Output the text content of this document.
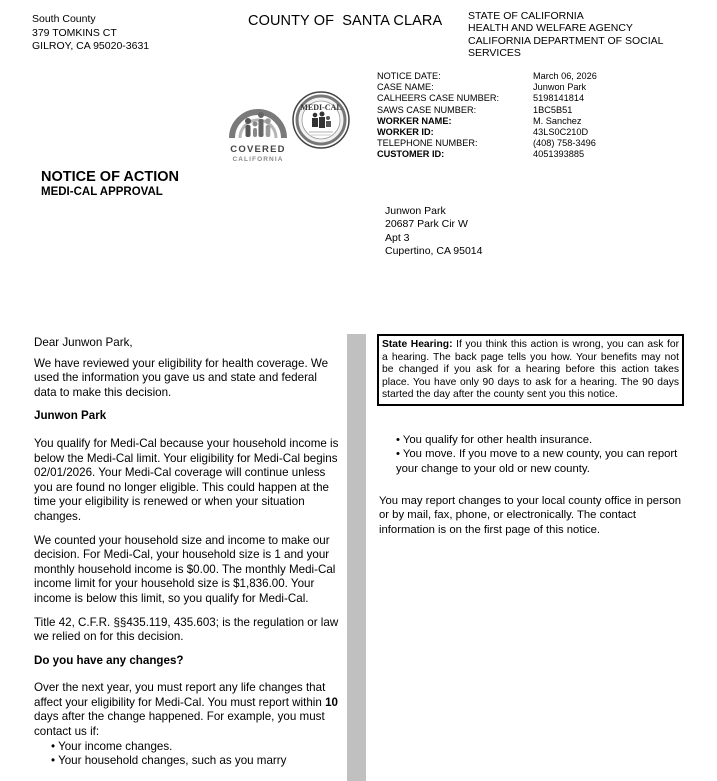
South County
379 TOMKINS CT
GILROY, CA 95020-3631
COUNTY OF  SANTA CLARA STATE OF CALIFORNIA
HEALTH AND WELFARE AGENCY
CALIFORNIA DEPARTMENT OF SOCIAL
SERVICES
NOTICE DATE:	March 06, 2026
CASE NAME:	Junwon Park
CALHEERS CASE NUMBER:	5198141814
SAWS CASE NUMBER:	1BC5B51
WORKER NAME:	M. Sanchez
WORKER ID:	43LS0C210D
TELEPHONE NUMBER:	(408) 758-3496
CUSTOMER ID:	4051393885
COVERED
CALIFORNIA
MEDI-CAL
NOTICE OF ACTION
MEDI-CAL APPROVAL
Junwon Park
20687 Park Cir W
Apt 3
Cupertino, CA 95014

Dear Junwon Park,

We have reviewed your eligibility for health coverage. We used the information you gave us and state and federal data to make this decision.

Junwon Park

You qualify for Medi-Cal because your household income is below the Medi-Cal limit. Your eligibility for Medi-Cal begins 02/01/2026. Your Medi-Cal coverage will continue unless you are found no longer eligible. This could happen at the time your eligibility is renewed or when your situation changes.

We counted your household size and income to make our decision. For Medi-Cal, your household size is 1 and your monthly household income is $0.00. The monthly Medi-Cal income limit for your household size is $1,836.00. Your income is below this limit, so you qualify for Medi-Cal.

Title 42, C.F.R. §§435.119, 435.603; is the regulation or law we relied on for this decision.

Do you have any changes?

Over the next year, you must report any life changes that affect your eligibility for Medi-Cal. You must report within 10 days after the change happened. For example, you must contact us if:

• Your income changes.

• Your household changes, such as you marry

State Hearing: If you think this action is wrong, you can ask for a hearing. The back page tells you how. Your benefits may not be changed if you ask for a hearing before this action takes place. You have only 90 days to ask for a hearing. The 90 days started the day after the county sent you this notice.
• You qualify for other health insurance.
• You move. If you move to a new county, you can report your change to your old or new county.
You may report changes to your local county office in person or by mail, fax, phone, or electronically. The contact information is on the first page of this notice.
